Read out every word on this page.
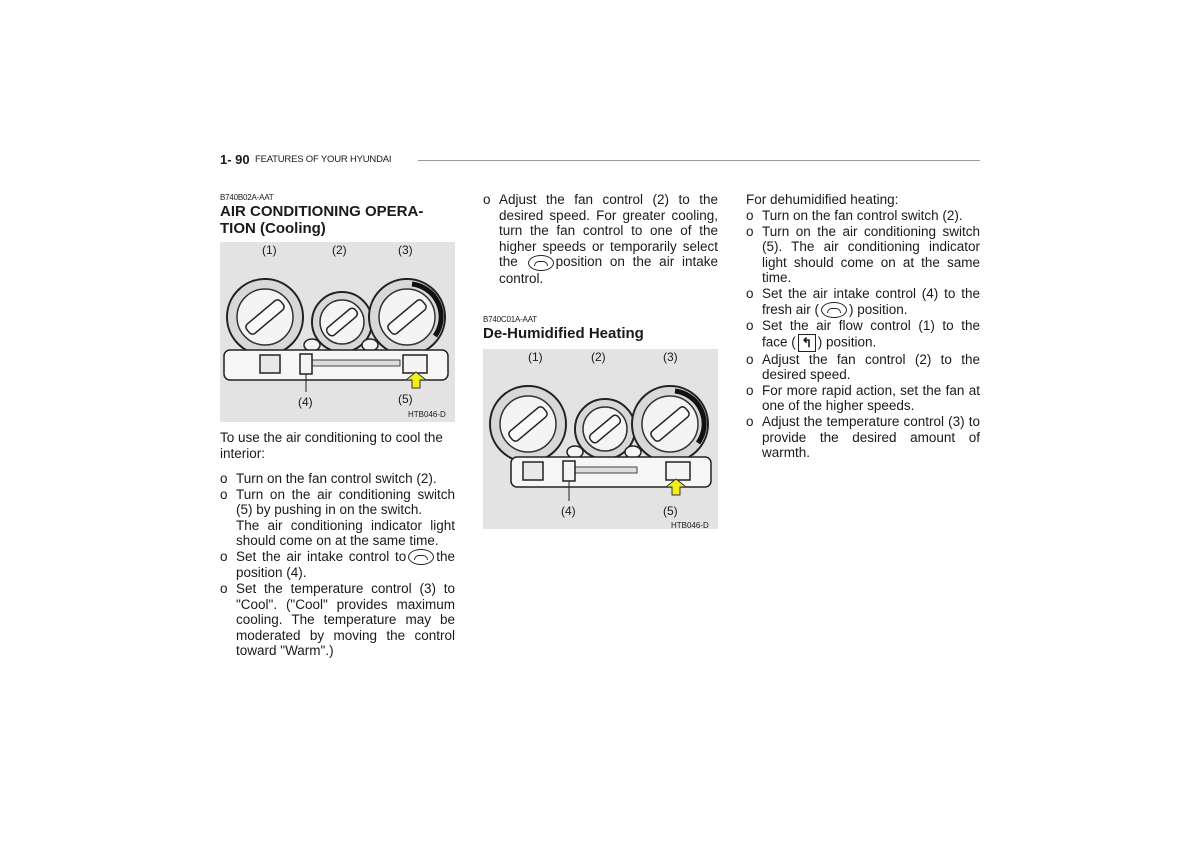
1- 90 FEATURES OF YOUR HYUNDAI
B740B02A-AAT
AIR CONDITIONING OPERA-
TION (Cooling)
(1)	(2)	(3)
(4)	(5)
HTB046-D
To use the air conditioning to cool the interior:
o Turn on the fan control switch (2).
o Turn on the air conditioning switch (5) by pushing in on the switch.
The air conditioning indicator light should come on at the same time.
o Set the air intake control to the position (4).
o Set the temperature control (3) to "Cool". ("Cool" provides maximum cooling. The temperature may be moderated by moving the control toward "Warm".)
o Adjust the fan control (2) to the desired speed. For greater cooling, turn the fan control to one of the higher speeds or temporarily select the	position on the air intake control.
B740C01A-AAT
De-Humidified Heating
(1)	(2)	(3)
(4)	(5)
HTB046-D
For dehumidified heating:
o Turn on the fan control switch (2).
o Turn on the air conditioning switch (5). The air conditioning indicator light should come on at the same time.
o Set the air intake control (4) to the fresh air ( ) position.
o Set the air flow control (1) to the face ( ↰ ) position.
o Adjust the fan control (2) to the desired speed.
o For more rapid action, set the fan at one of the higher speeds.
o Adjust the temperature control (3) to provide the desired amount of warmth.
